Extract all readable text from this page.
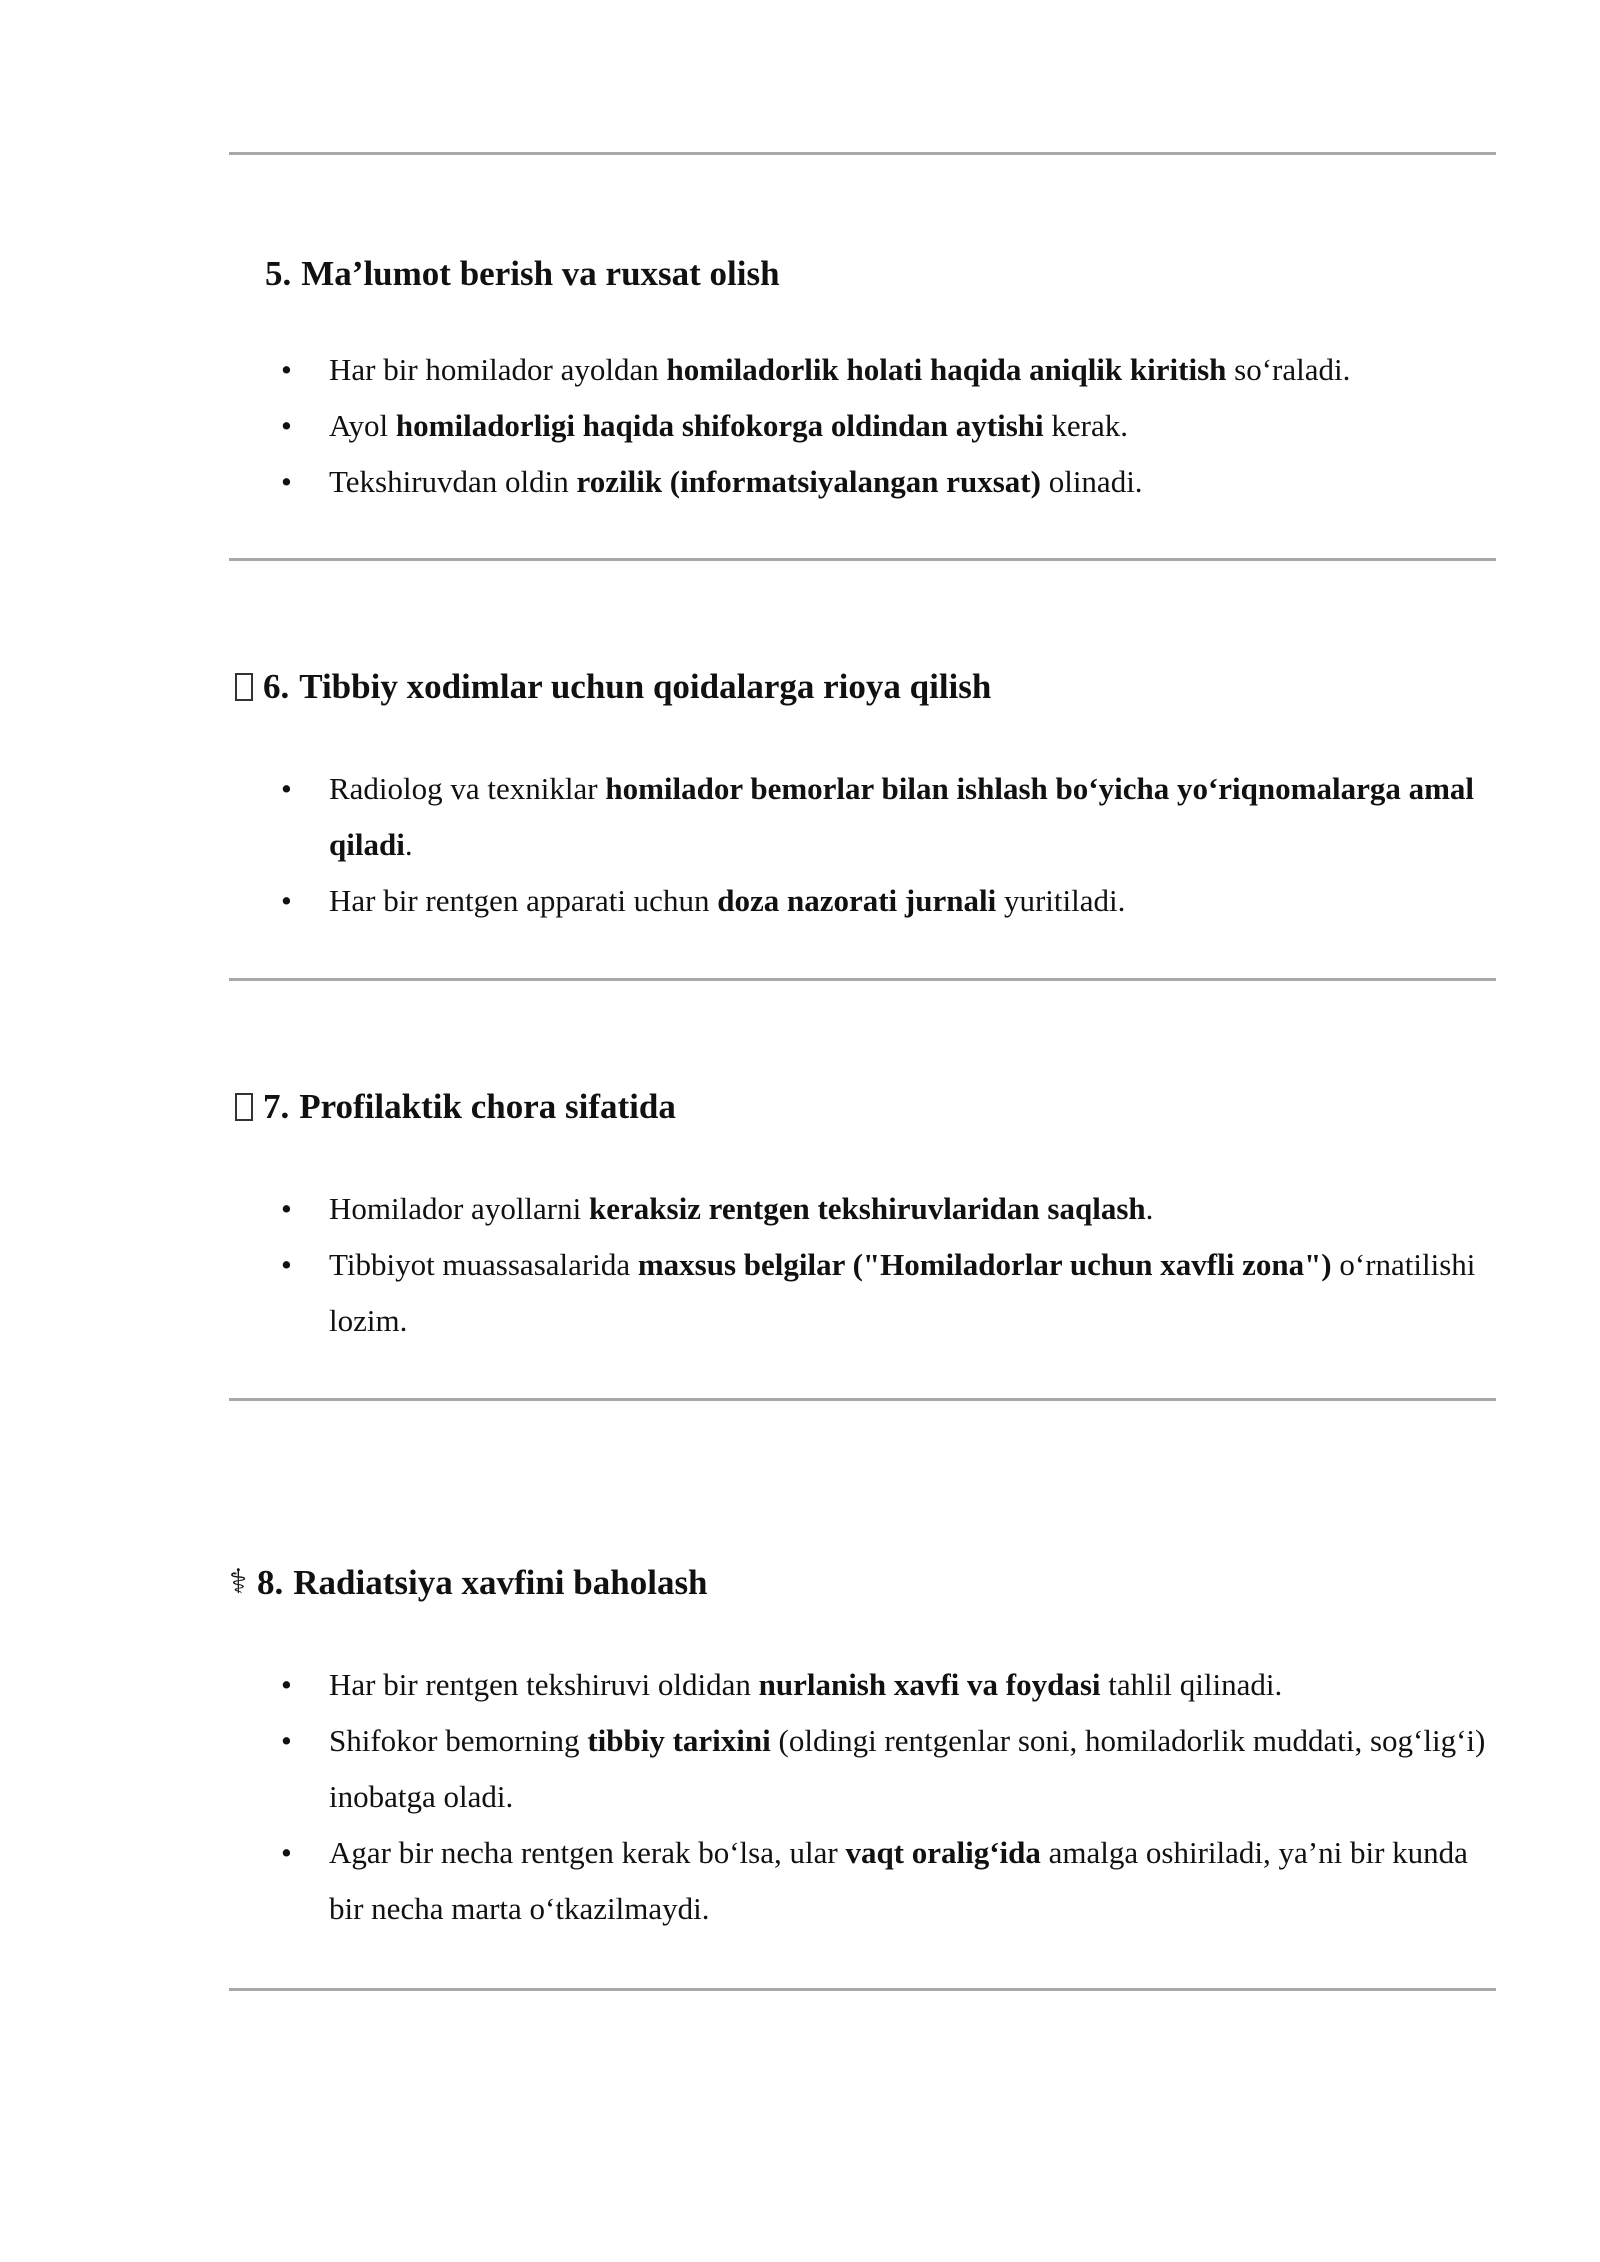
5. Ma’lumot berish va ruxsat olish
• Har bir homilador ayoldan homiladorlik holati haqida aniqlik kiritish so‘raladi.
• Ayol homiladorligi haqida shifokorga oldindan aytishi kerak.
• Tekshiruvdan oldin rozilik (informatsiyalangan ruxsat) olinadi.
6. Tibbiy xodimlar uchun qoidalarga rioya qilish
• Radiolog va texniklar homilador bemorlar bilan ishlash bo‘yicha yo‘riqnomalarga amal qiladi.
• Har bir rentgen apparati uchun doza nazorati jurnali yuritiladi.
7. Profilaktik chora sifatida
• Homilador ayollarni keraksiz rentgen tekshiruvlaridan saqlash.
• Tibbiyot muassasalarida maxsus belgilar ("Homiladorlar uchun xavfli zona") o‘rnatilishi lozim.
⚕ 8. Radiatsiya xavfini baholash
• Har bir rentgen tekshiruvi oldidan nurlanish xavfi va foydasi tahlil qilinadi.
• Shifokor bemorning tibbiy tarixini (oldingi rentgenlar soni, homiladorlik muddati, sog‘lig‘i) inobatga oladi.
• Agar bir necha rentgen kerak bo‘lsa, ular vaqt oralig‘ida amalga oshiriladi, ya’ni bir kunda bir necha marta o‘tkazilmaydi.
